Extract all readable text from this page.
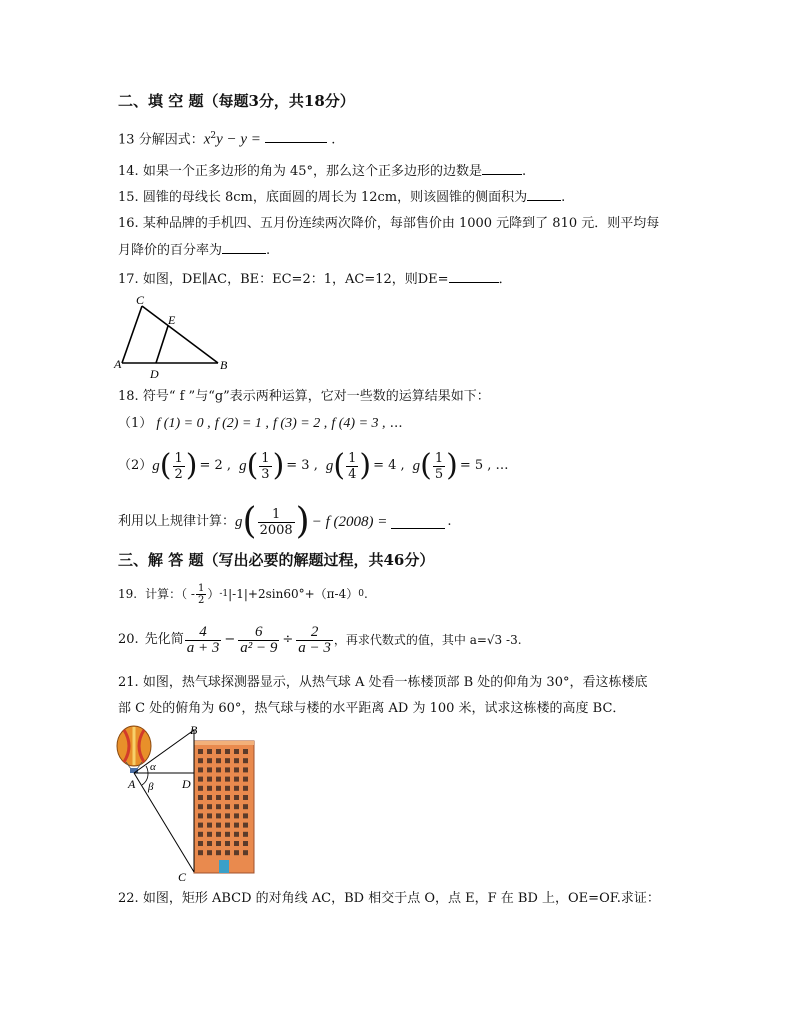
二、填 空 题（每题3分，共18分）
13 分解因式：$x^2y - y$ =	.
14. 如果一个正多边形的角为 45°，那么这个正多边形的边数是	.
15. 圆锥的母线长 8cm，底面圆的周长为 12cm，则该圆锥的侧面积为	.
16. 某种品牌的手机四、五月份连续两次降价，每部售价由 1000 元降到了 810 元．则平均每
月降价的百分率为	.
17. 如图，DE∥AC，BE：EC=2：1，AC=12，则DE=	．
C
E
A	B
D
18. 符号“ f ”与“g”表示两种运算，它对一些数的运算结果如下：
（1） f (1) = 0 , f (2) = 1 , f (3) = 2 , f (4) = 3 , …
（2） g ( $\frac{1}{2}$ ) = 2 , g ( $\frac{1}{3}$ ) = 3 , g ( $\frac{1}{4}$ ) = 4 , g ( $\frac{1}{5}$ ) = 5 , …
利用以上规律计算： g ( $\frac{1}{2008}$ ) − f (2008) =	.
三、解 答 题（写出必要的解题过程，共46分）
19. 计算：（ - $\frac{1}{2}$ ） -1 |-1|+2sin60°+（π-4） 0 .
20. 先化简 $\frac{4}{a + 3} - \frac{6}{\text{a² − 9}} \div \frac{2}{a - 3}$ ，再求代数式的值，其中 a=√3 -3.
21. 如图，热气球探测器显示，从热气球 A 处看一栋楼顶部 B 处的仰角为 30°，看这栋楼底
部 C 处的俯角为 60°，热气球与楼的水平距离 AD 为 100 米，试求这栋楼的高度 BC．
B
α
A	D
β
C
22. 如图，矩形 ABCD 的对角线 AC，BD 相交于点 O，点 E，F 在 BD 上，OE=OF.求证：
